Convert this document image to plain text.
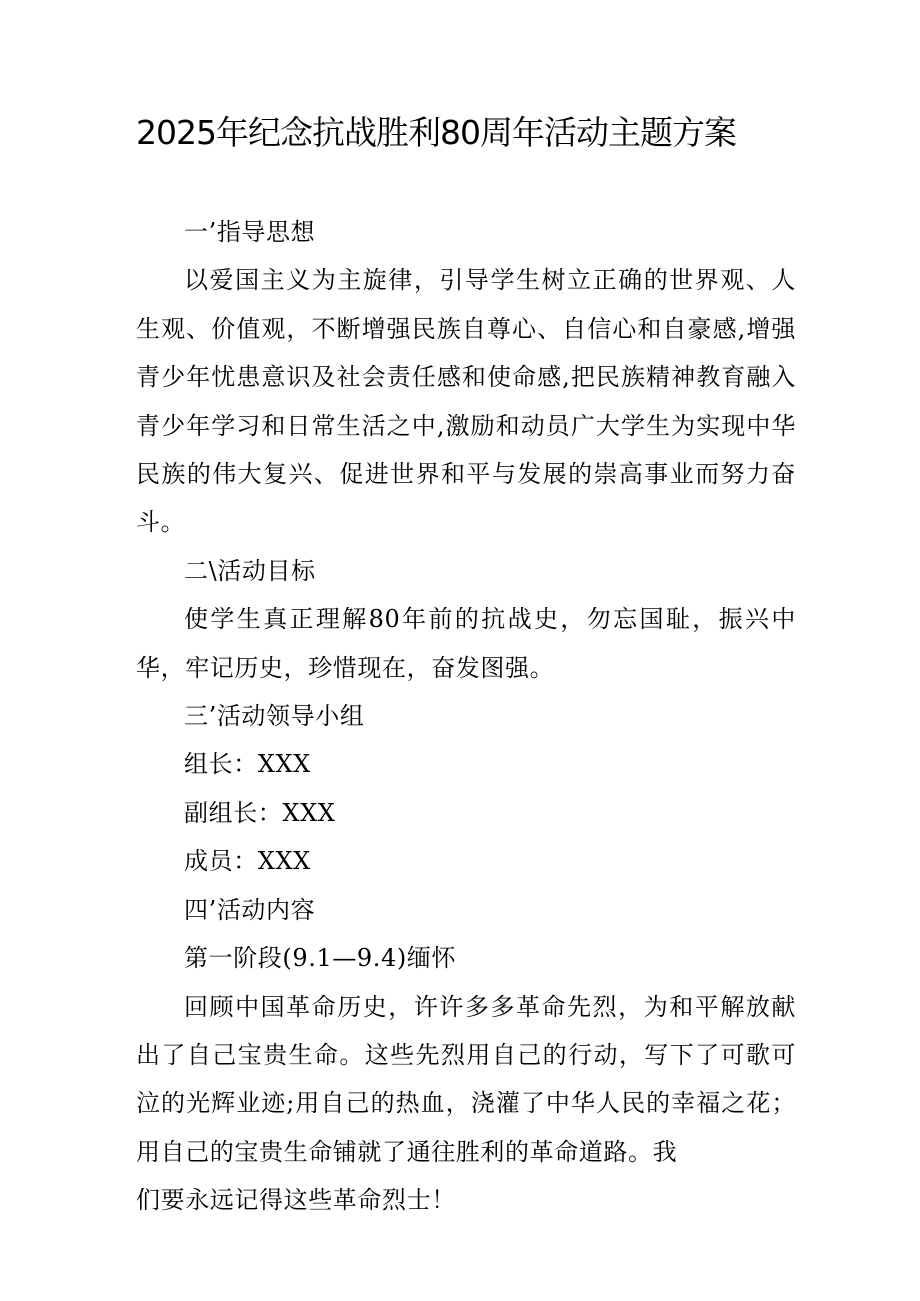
2025年纪念抗战胜利80周年活动主题方案

一’指导思想

以爱国主义为主旋律，引导学生树立正确的世界观、人生观、价值观，不断增强民族自尊心、自信心和自豪感,增强青少年忧患意识及社会责任感和使命感,把民族精神教育融入青少年学习和日常生活之中,激励和动员广大学生为实现中华民族的伟大复兴、促进世界和平与发展的崇高事业而努力奋斗。

二\活动目标

使学生真正理解80年前的抗战史，勿忘国耻，振兴中华，牢记历史，珍惜现在，奋发图强。

三’活动领导小组

组长：XXX

副组长：XXX

成员：XXX

四’活动内容

第一阶段(9.1—9.4)缅怀

回顾中国革命历史，许许多多革命先烈，为和平解放献出了自己宝贵生命。这些先烈用自己的行动，写下了可歌可泣的光辉业迹;用自己的热血，浇灌了中华人民的幸福之花；用自己的宝贵生命铺就了通往胜利的革命道路。我

们要永远记得这些革命烈士！
